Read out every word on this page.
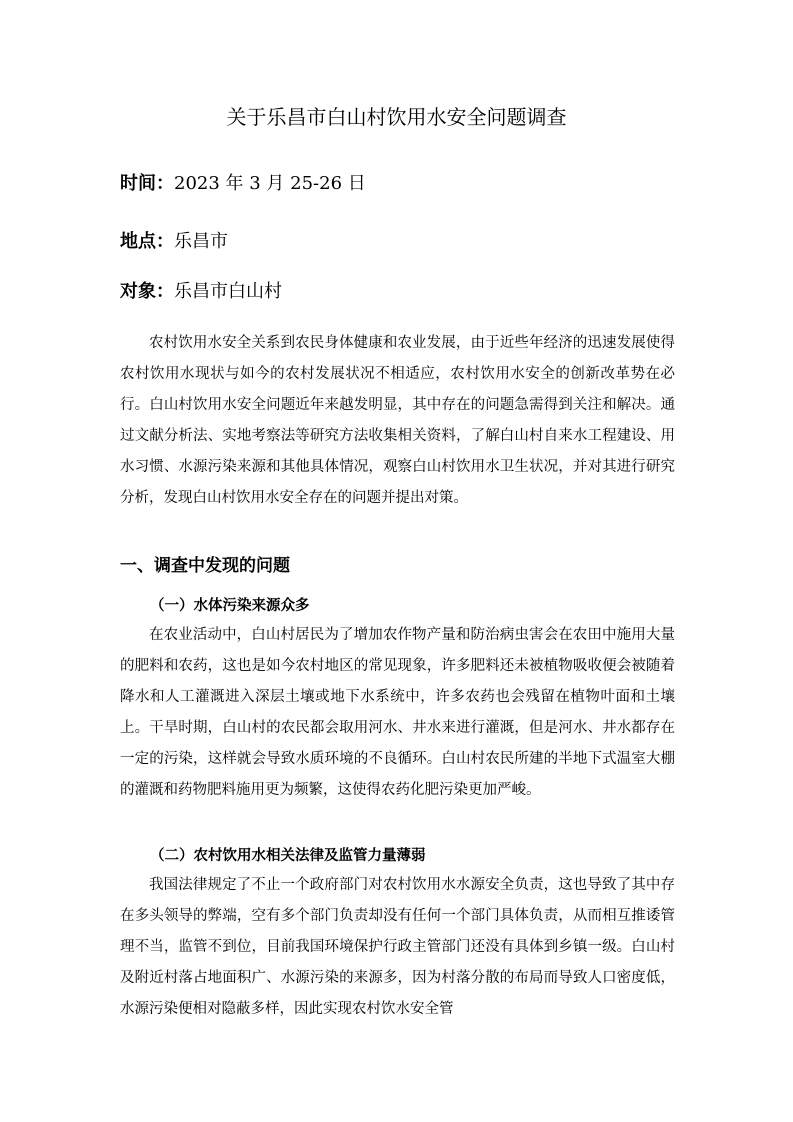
关于乐昌市白山村饮用水安全问题调查
时间：2023 年 3 月 25-26 日
地点：乐昌市
对象：乐昌市白山村

农村饮用水安全关系到农民身体健康和农业发展，由于近些年经济的迅速发展使得农村饮用水现状与如今的农村发展状况不相适应，农村饮用水安全的创新改革势在必行。白山村饮用水安全问题近年来越发明显，其中存在的问题急需得到关注和解决。通过文献分析法、实地考察法等研究方法收集相关资料，了解白山村自来水工程建设、用水习惯、水源污染来源和其他具体情况，观察白山村饮用水卫生状况，并对其进行研究分析，发现白山村饮用水安全存在的问题并提出对策。

一、调查中发现的问题
（一）水体污染来源众多

在农业活动中，白山村居民为了增加农作物产量和防治病虫害会在农田中施用大量的肥料和农药，这也是如今农村地区的常见现象，许多肥料还未被植物吸收便会被随着降水和人工灌溉进入深层土壤或地下水系统中，许多农药也会残留在植物叶面和土壤上。干旱时期，白山村的农民都会取用河水、井水来进行灌溉，但是河水、井水都存在一定的污染，这样就会导致水质环境的不良循环。白山村农民所建的半地下式温室大棚的灌溉和药物肥料施用更为频繁，这使得农药化肥污染更加严峻。

（二）农村饮用水相关法律及监管力量薄弱

我国法律规定了不止一个政府部门对农村饮用水水源安全负责，这也导致了其中存在多头领导的弊端，空有多个部门负责却没有任何一个部门具体负责，从而相互推诿管理不当，监管不到位，目前我国环境保护行政主管部门还没有具体到乡镇一级。白山村及附近村落占地面积广、水源污染的来源多，因为村落分散的布局而导致人口密度低，水源污染便相对隐蔽多样，因此实现农村饮水安全管
